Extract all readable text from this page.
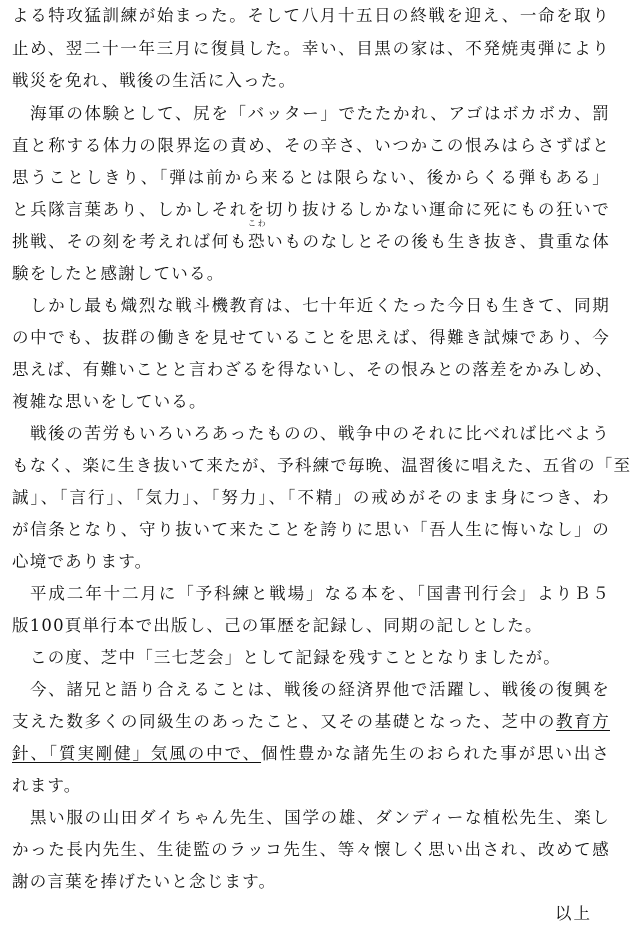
よる特攻猛訓練が始まった。そして八月十五日の終戦を迎え、一命を取り
止め、翌二十一年三月に復員した。幸い、目黒の家は、不発焼夷弾により
戦災を免れ、戦後の生活に入った。
海軍の体験として、尻を「バッター」でたたかれ、アゴはボカボカ、罰
直と称する体力の限界迄の責め、その辛さ、いつかこの恨みはらさずばと
思うことしきり、「弾は前から来るとは限らない、後からくる弾もある」
と兵隊言葉あり、しかしそれを切り抜けるしかない運命に死にもの狂いで
挑戦、その刻を考えれば何も
こわ
恐いものなしとその後も生き抜き、貴重な体
験をしたと感謝している。
しかし最も熾烈な戦斗機教育は、七十年近くたった今日も生きて、同期
の中でも、抜群の働きを見せていることを思えば、得難き試煉であり、今
思えば、有難いことと言わざるを得ないし、その恨みとの落差をかみしめ、
複雑な思いをしている。
戦後の苦労もいろいろあったものの、戦争中のそれに比べれば比べよう
もなく、楽に生き抜いて来たが、予科練で毎晩、温習後に唱えた、五省の「至
誠」、「言行」、「気力」、「努力」、「不精」の戒めがそのまま身につき、わ
が信条となり、守り抜いて来たことを誇りに思い「吾人生に悔いなし」の
心境であります。
平成二年十二月に「予科練と戦場」なる本を、「国書刊行会」よりＢ５
版100頁単行本で出版し、己の軍歴を記録し、同期の記しとした。
この度、芝中「三七芝会」として記録を残すこととなりましたが。
今、諸兄と語り合えることは、戦後の経済界他で活躍し、戦後の復興を
支えた数多くの同級生のあったこと、又その基礎となった、芝中の教育方
針、「質実剛健」気風の中で、個性豊かな諸先生のおられた事が思い出さ
れます。
黒い服の山田ダイちゃん先生、国学の雄、ダンディーな植松先生、楽し
かった長内先生、生徒監のラッコ先生、等々懐しく思い出され、改めて感
謝の言葉を捧げたいと念じます。
以上
